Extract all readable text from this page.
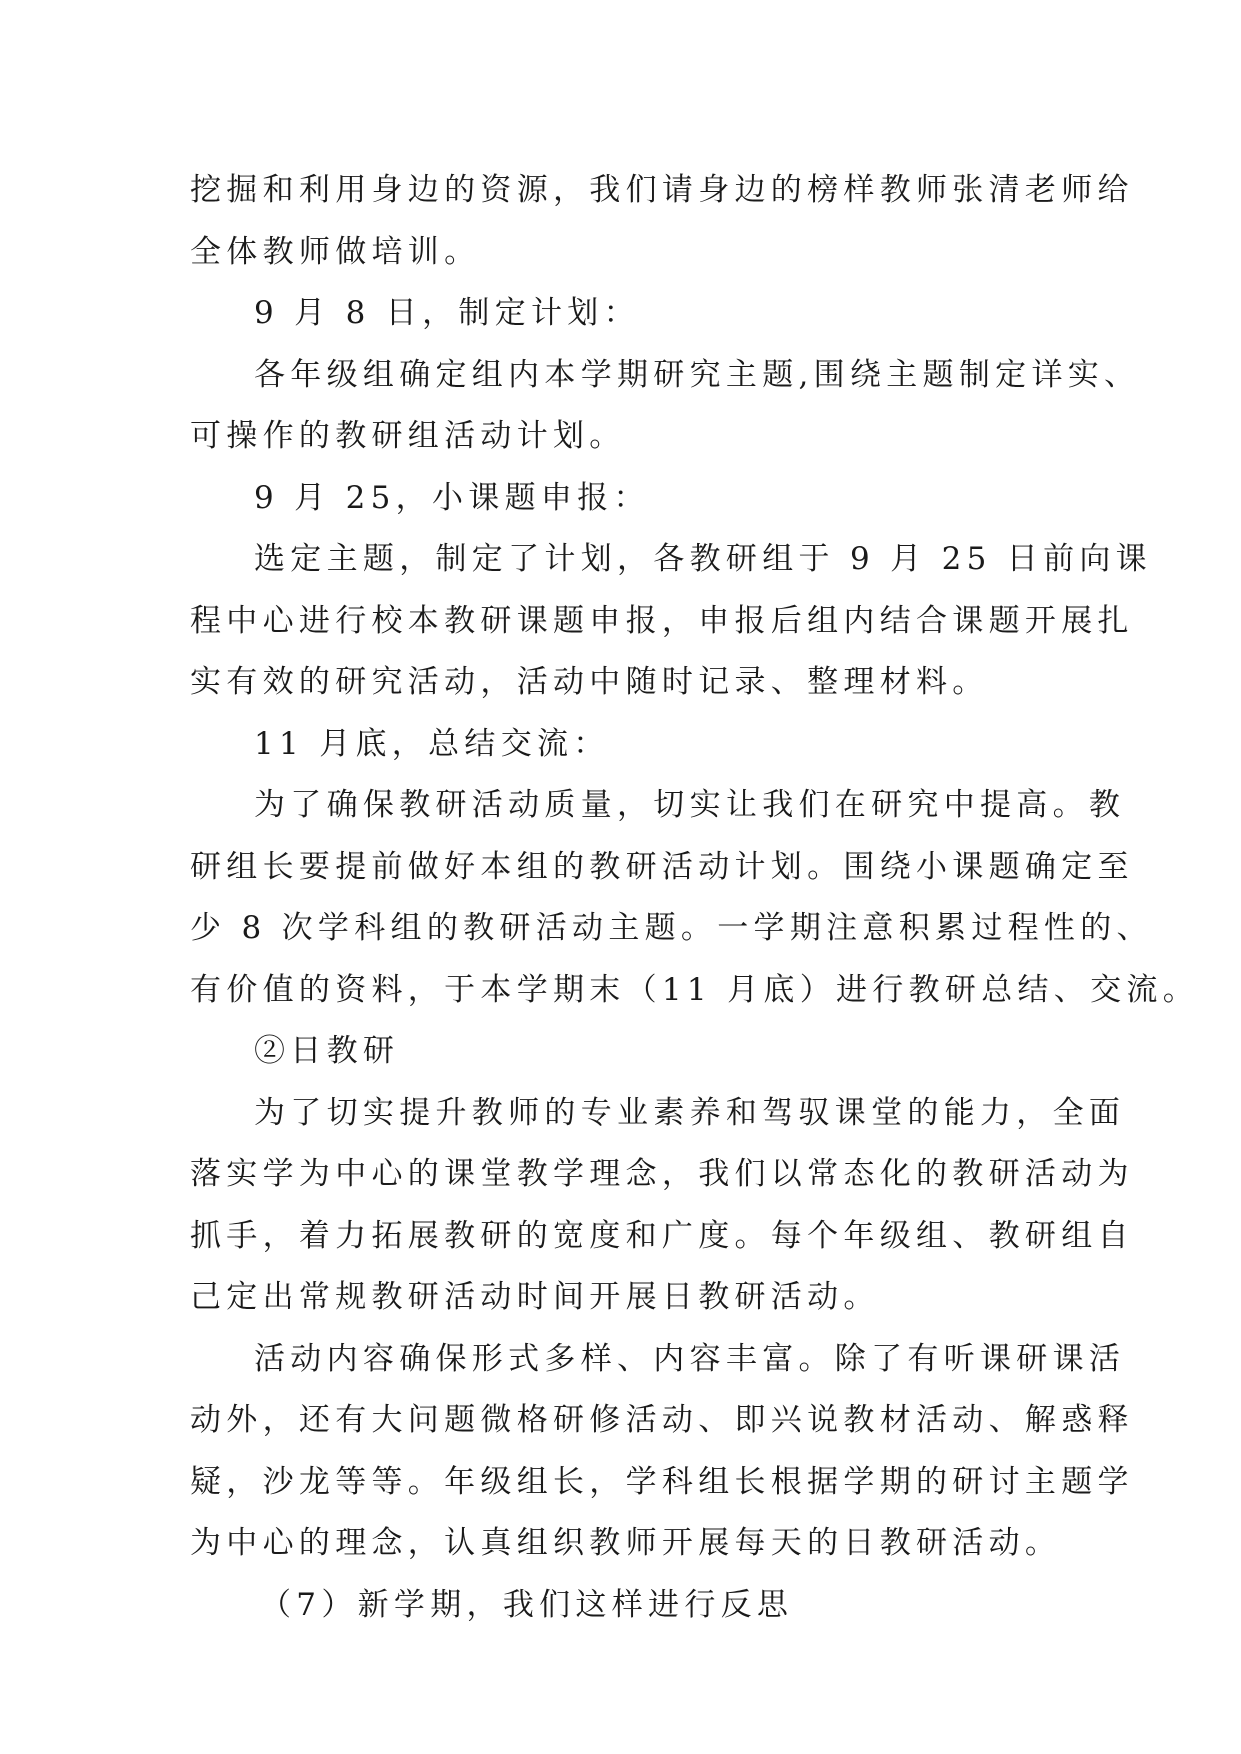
挖掘和利用身边的资源，我们请身边的榜样教师张清老师给
全体教师做培训。
9 月 8 日，制定计划：
各年级组确定组内本学期研究主题,围绕主题制定详实、
可操作的教研组活动计划。
9 月 25，小课题申报：
选定主题，制定了计划，各教研组于 9 月 25 日前向课
程中心进行校本教研课题申报，申报后组内结合课题开展扎
实有效的研究活动，活动中随时记录、整理材料。
11 月底，总结交流：
为了确保教研活动质量，切实让我们在研究中提高。教
研组长要提前做好本组的教研活动计划。围绕小课题确定至
少 8 次学科组的教研活动主题。一学期注意积累过程性的、
有价值的资料，于本学期末（11 月底）进行教研总结、交流。
②日教研
为了切实提升教师的专业素养和驾驭课堂的能力，全面
落实学为中心的课堂教学理念，我们以常态化的教研活动为
抓手，着力拓展教研的宽度和广度。每个年级组、教研组自
己定出常规教研活动时间开展日教研活动。
活动内容确保形式多样、内容丰富。除了有听课研课活
动外，还有大问题微格研修活动、即兴说教材活动、解惑释
疑，沙龙等等。年级组长，学科组长根据学期的研讨主题学
为中心的理念，认真组织教师开展每天的日教研活动。
（7）新学期，我们这样进行反思
